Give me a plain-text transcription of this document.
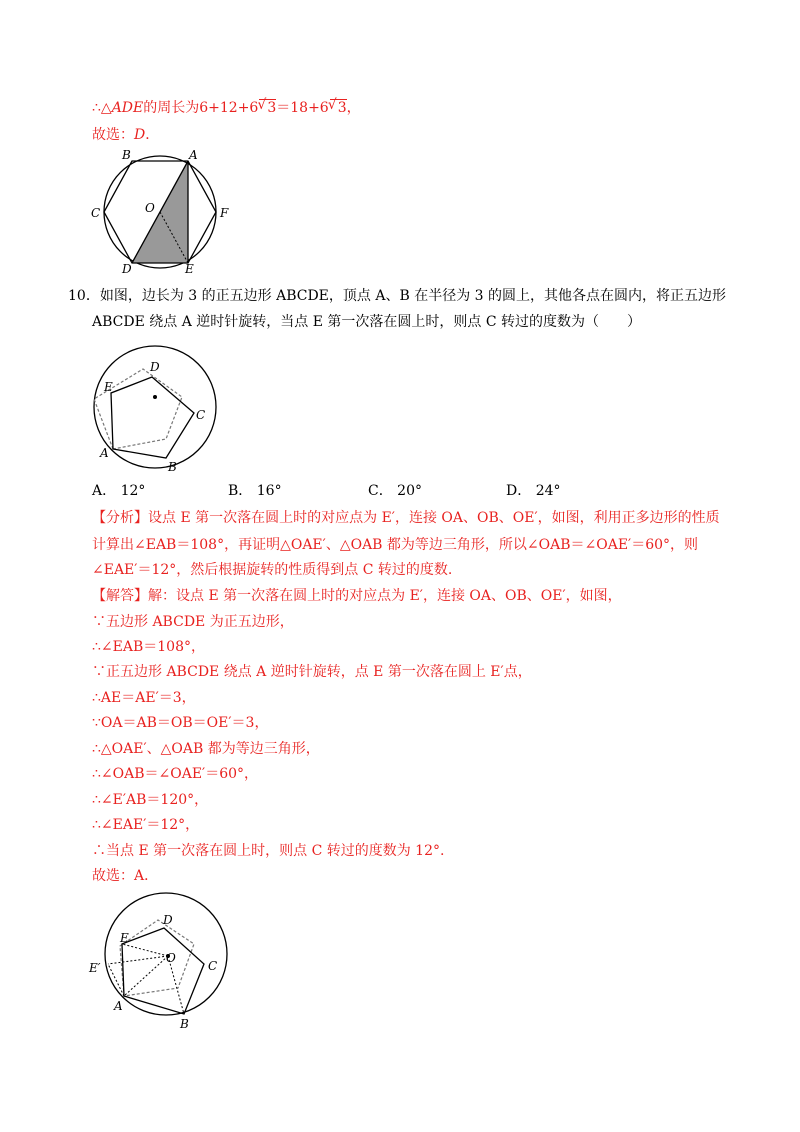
∴△ADE的周长为6+12+6 √ 3＝18+6 √ 3，
故选：D．
B	A
C	F
O
D	E
10．如图，边长为 3 的正五边形 ABCDE，顶点 A、B 在半径为 3 的圆上，其他各点在圆内，将正五边形
ABCDE 绕点 A 逆时针旋转，当点 E 第一次落在圆上时，则点 C 转过的度数为（　　）
D
E
C
A
B
A． 12°	B． 16°	C． 20°	D． 24°
【分析】设点 E 第一次落在圆上时的对应点为 E′，连接 OA、OB、OE′，如图，利用正多边形的性质
计算出∠EAB＝108°，再证明△OAE′、△OAB 都为等边三角形，所以∠OAB＝∠OAE′＝60°，则
∠EAE′＝12°，然后根据旋转的性质得到点 C 转过的度数.
【解答】解：设点 E 第一次落在圆上时的对应点为 E′，连接 OA、OB、OE′，如图，
∵五边形 ABCDE 为正五边形，
∴∠EAB＝108°，
∵正五边形 ABCDE 绕点 A 逆时针旋转，点 E 第一次落在圆上 E′点，
∴AE＝AE′＝3，
∵OA＝AB＝OB＝OE′＝3，
∴△OAE′、△OAB 都为等边三角形，
∴∠OAB＝∠OAE′＝60°，
∴∠E′AB＝120°，
∴∠EAE′＝12°，
∴当点 E 第一次落在圆上时，则点 C 转过的度数为 12°.
故选：A．
D
E
O
C
E′
A
B
